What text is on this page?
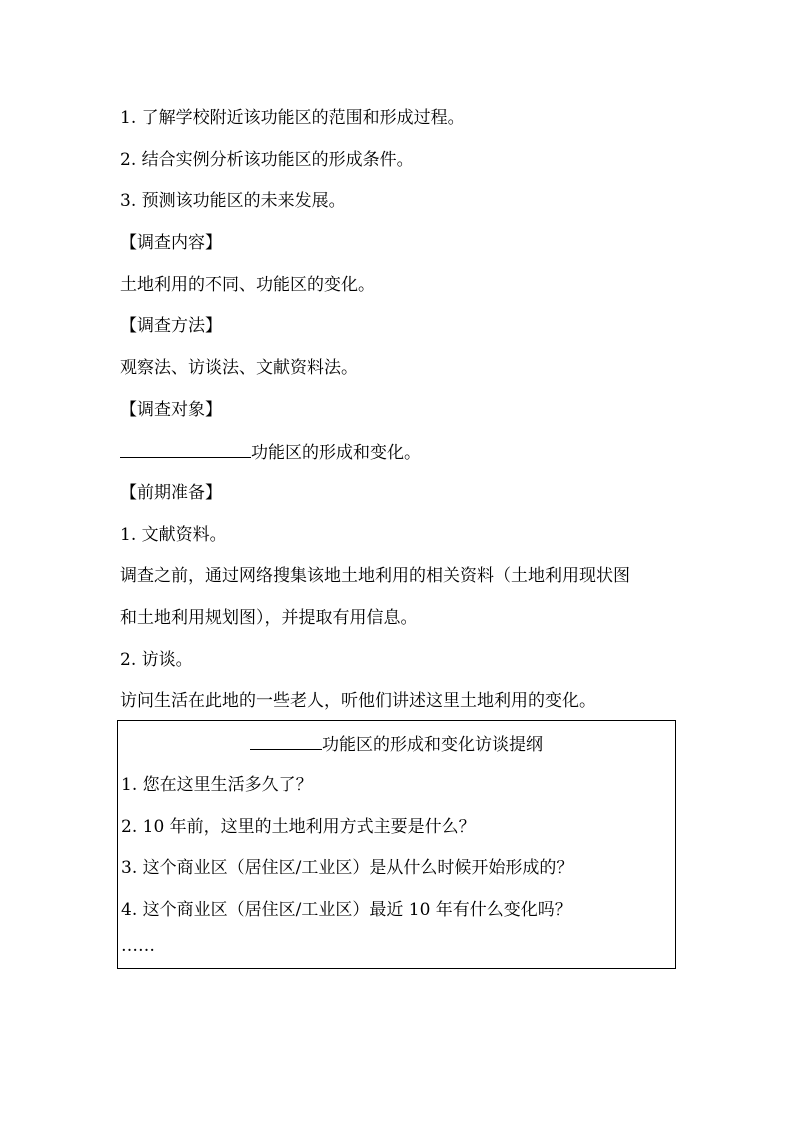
1. 了解学校附近该功能区的范围和形成过程。
2. 结合实例分析该功能区的形成条件。
3. 预测该功能区的未来发展。
【调查内容】
土地利用的不同、功能区的变化。
【调查方法】
观察法、访谈法、文献资料法。
【调查对象】
功能区的形成和变化。
【前期准备】
1. 文献资料。
调查之前，通过网络搜集该地土地利用的相关资料（土地利用现状图
和土地利用规划图），并提取有用信息。
2. 访谈。
访问生活在此地的一些老人，听他们讲述这里土地利用的变化。
功能区的形成和变化访谈提纲
1. 您在这里生活多久了？
2. 10 年前，这里的土地利用方式主要是什么？
3. 这个商业区（居住区/工业区）是从什么时候开始形成的？
4. 这个商业区（居住区/工业区）最近 10 年有什么变化吗？
……
